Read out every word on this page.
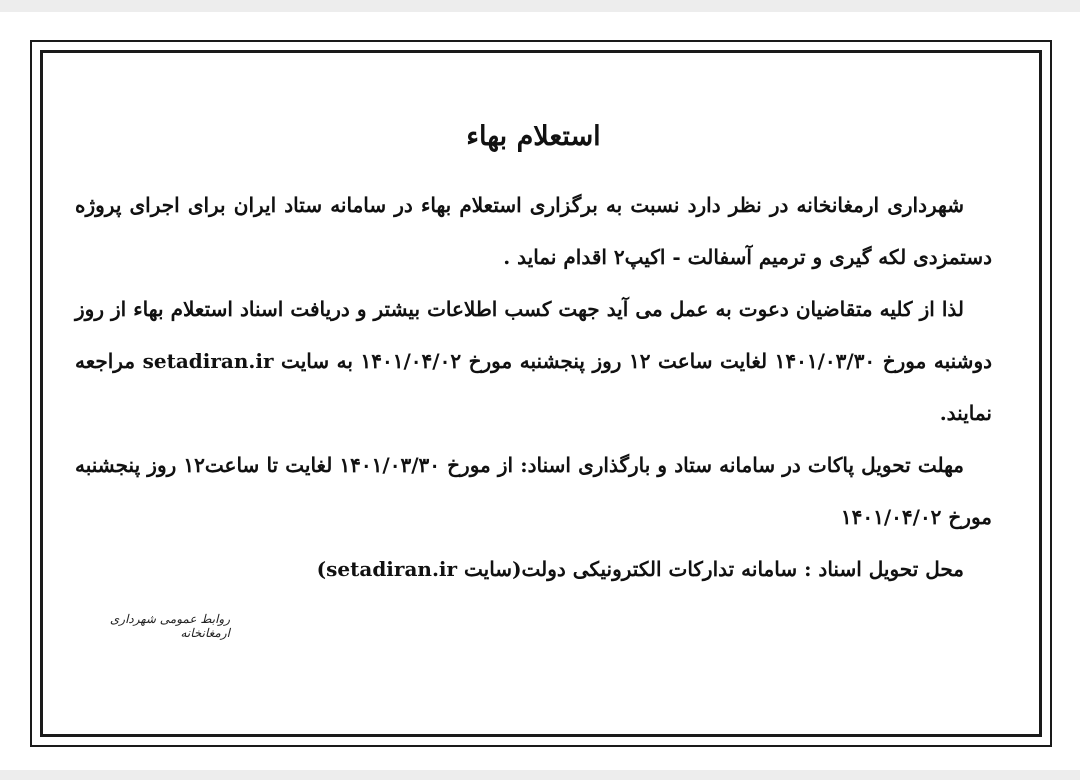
استعلام بهاء

شهرداری ارمغانخانه در نظر دارد نسبت به برگزاری استعلام بهاء در سامانه ستاد ایران برای اجرای پروژه دستمزدی لکه گیری و ترمیم آسفالت - اکیپ۲ اقدام نماید .

لذا از کلیه متقاضیان دعوت به عمل می آید جهت کسب اطلاعات بیشتر و دریافت اسناد استعلام بهاء از روز دوشنبه مورخ ۱۴۰۱/۰۳/۳۰ لغایت ساعت ۱۲ روز پنجشنبه مورخ ۱۴۰۱/۰۴/۰۲ به سایت setadiran.ir مراجعه نمایند.

مهلت تحویل پاکات در سامانه ستاد و بارگذاری اسناد: از مورخ ۱۴۰۱/۰۳/۳۰ لغایت تا ساعت۱۲ روز پنجشنبه مورخ ۱۴۰۱/۰۴/۰۲

محل تحویل اسناد : سامانه تدارکات الکترونیکی دولت(سایت setadiran.ir)

روابط عمومی شهرداری ارمغانخانه
